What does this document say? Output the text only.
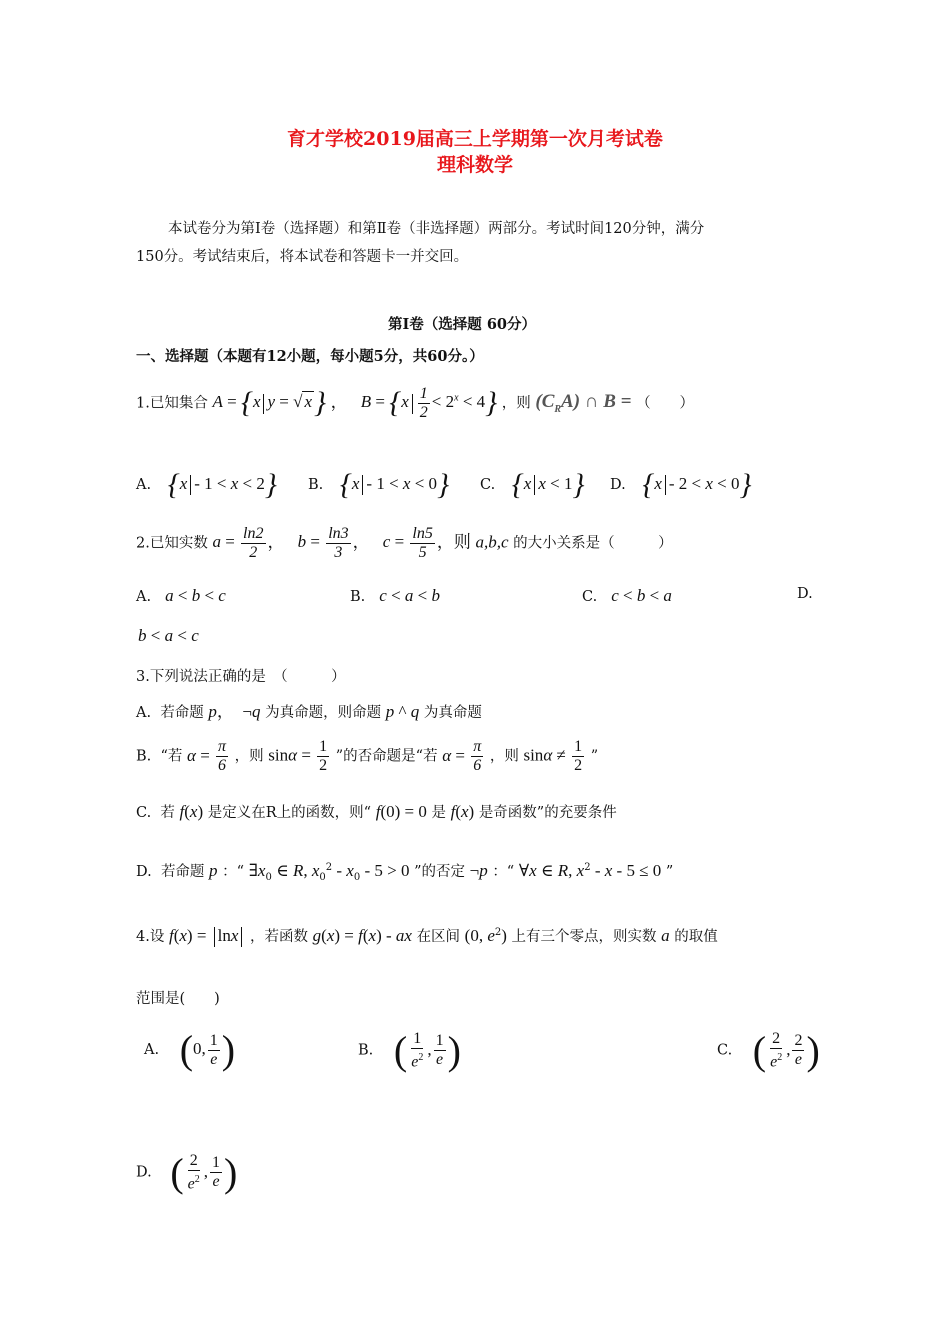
育才学校2019届高三上学期第一次月考试卷
理科数学
本试卷分为第Ⅰ卷（选择题）和第Ⅱ卷（非选择题）两部分。考试时间120分钟，满分
150分。考试结束后，将本试卷和答题卡一并交回。
第Ⅰ卷（选择题 60分）
一、选择题（本题有12小题，每小题5分，共60分。）
1.已知集合 A = {x y = √ x} ，   $B = \{x \frac{1}{2} < 2^x < 4\}$ ，则 $(C_RA)$ ∩ B = （　　）
A. {x - 1 < x < 2} B. {x - 1 < x < 0} C. {x x < 1} D. {x - 2 < x < 0}
2.已知实数 $a = \frac{\ln 2}{2}$ ，   $b = \frac{\ln 3}{3}$ ，   $c = \frac{\ln 5}{5}$ ，则 a,b,c 的大小关系是（　　　）
A. a < b < c	B. c < a < b	C. c < b < a	D.
b < a < c
3.下列说法正确的是　（　　　）
A. 若命题 p，  ¬q 为真命题，则命题 p ^ q 为真命题
B. “若 $\alpha = \frac{\pi}{6}$ ，则 $\sin\alpha = \frac{1}{2}$ ”的否命题是“若 $\alpha = \frac{\pi}{6}$ ，则 $\sin\alpha \ne \frac{1}{2}$ ”
C. 若 f(x) 是定义在R上的函数，则“ f(0) = 0 是 f(x) 是奇函数”的充要条件
D. 若命题 p ：“ $\exists x_0$ ∈ R, $x_0^2 - x_0 - 5 > 0$ ”的否定 ¬p ：“ ∀x ∈ R, $x^2 - x - 5 \le 0$ ”
4.设 f(x) = lnx ，若函数 g(x) = f(x) - ax 在区间 (0, $e^2$) 上有三个零点，则实数 a 的取值
范围是(　　)
A. (0, $\frac{1}{e}$ )	B. ( $\frac{1}{e^2}$ , $\frac{1}{e}$ )	C. ( $\frac{2}{e^2}$ , $\frac{2}{e}$ )
D. ( $\frac{2}{e^2}$ , $\frac{1}{e}$ )
